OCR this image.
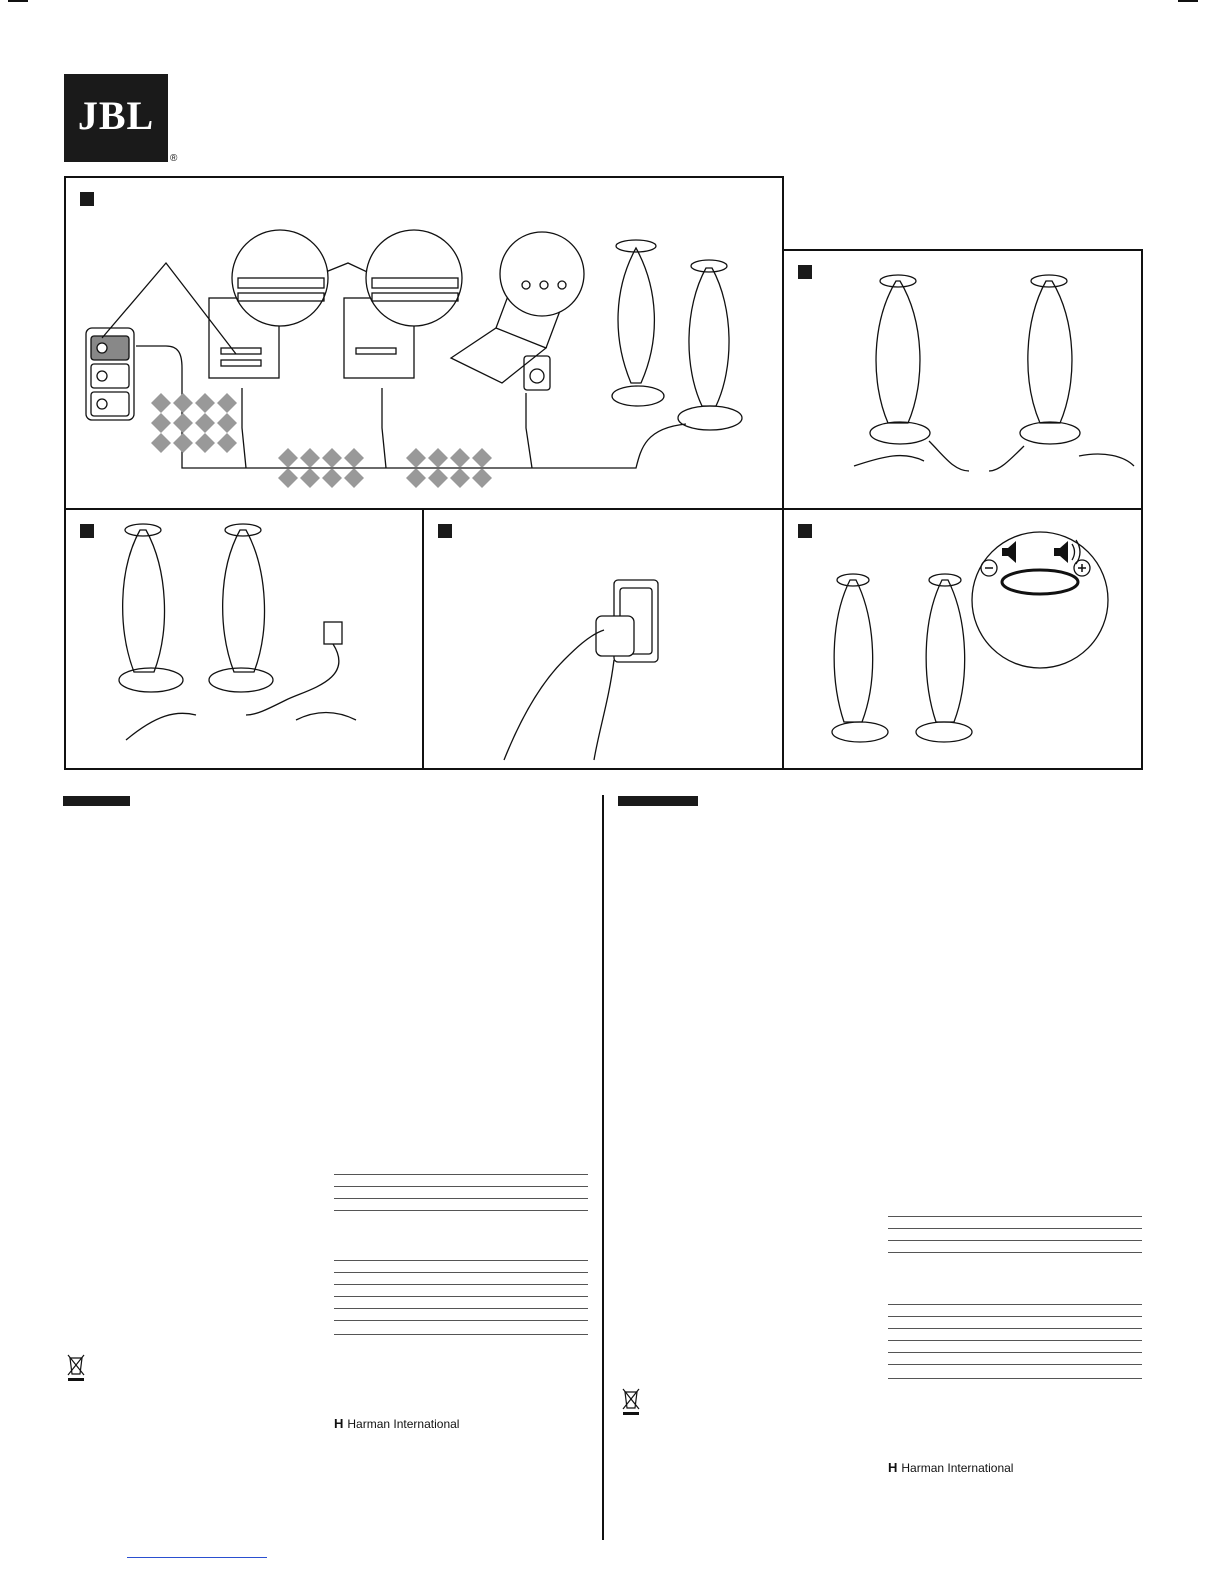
JBL
®
H Harman International
H Harman International
